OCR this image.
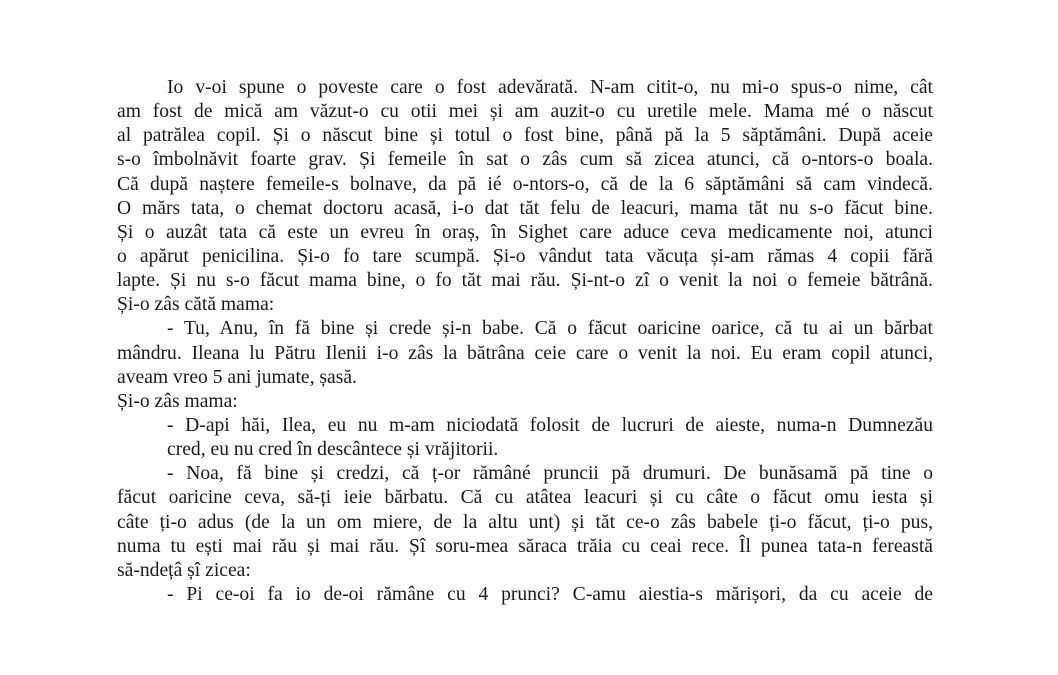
Io v-oi spune o poveste care o fost adevărată. N-am citit-o, nu mi-o spus-o nime, cât
am fost de mică am văzut-o cu otii mei și am auzit-o cu uretile mele. Mama mé o născut
al patrălea copil. Și o născut bine și totul o fost bine, până pă la 5 săptămâni. După aceie
s-o îmbolnăvit foarte grav. Și femeile în sat o zâs cum să zicea atunci, că o-ntors-o boala.
Că după naștere femeile-s bolnave, da pă ié o-ntors-o, că de la 6 săptămâni să cam vindecă.
O mărs tata, o chemat doctoru acasă, i-o dat tăt felu de leacuri, mama tăt nu s-o făcut bine.
Și o auzât tata că este un evreu în oraș, în Sighet care aduce ceva medicamente noi, atunci
o apărut penicilina. Și-o fo tare scumpă. Și-o vândut tata văcuța și-am rămas 4 copii fără
lapte. Și nu s-o făcut mama bine, o fo tăt mai rău. Și-nt-o zî o venit la noi o femeie bătrână.
Și-o zâs cătă mama:
- Tu, Anu, în fă bine și crede și-n babe. Că o făcut oaricine oarice, că tu ai un bărbat
mândru. Ileana lu Pătru Ilenii i-o zâs la bătrâna ceie care o venit la noi. Eu eram copil atunci,
aveam vreo 5 ani jumate, șasă.
Și-o zâs mama:
- D-api hăi, Ilea, eu nu m-am niciodată folosit de lucruri de aieste, numa-n Dumnezău
cred, eu nu cred în descântece și vrăjitorii.
- Noa, fă bine și credzi, că ț-or rămâné pruncii pă drumuri. De bunăsamă pă tine o
făcut oaricine ceva, să-ți ieie bărbatu. Că cu atâtea leacuri și cu câte o făcut omu iesta și
câte ți-o adus (de la un om miere, de la altu unt) și tăt ce-o zâs babele ți-o făcut, ți-o pus,
numa tu ești mai rău și mai rău. Șî soru-mea săraca trăia cu ceai rece. Îl punea tata-n fereastă
să-ndețâ șî zicea:
- Pi ce-oi fa io de-oi rămâne cu 4 prunci? C-amu aiestia-s mărișori, da cu aceie de
